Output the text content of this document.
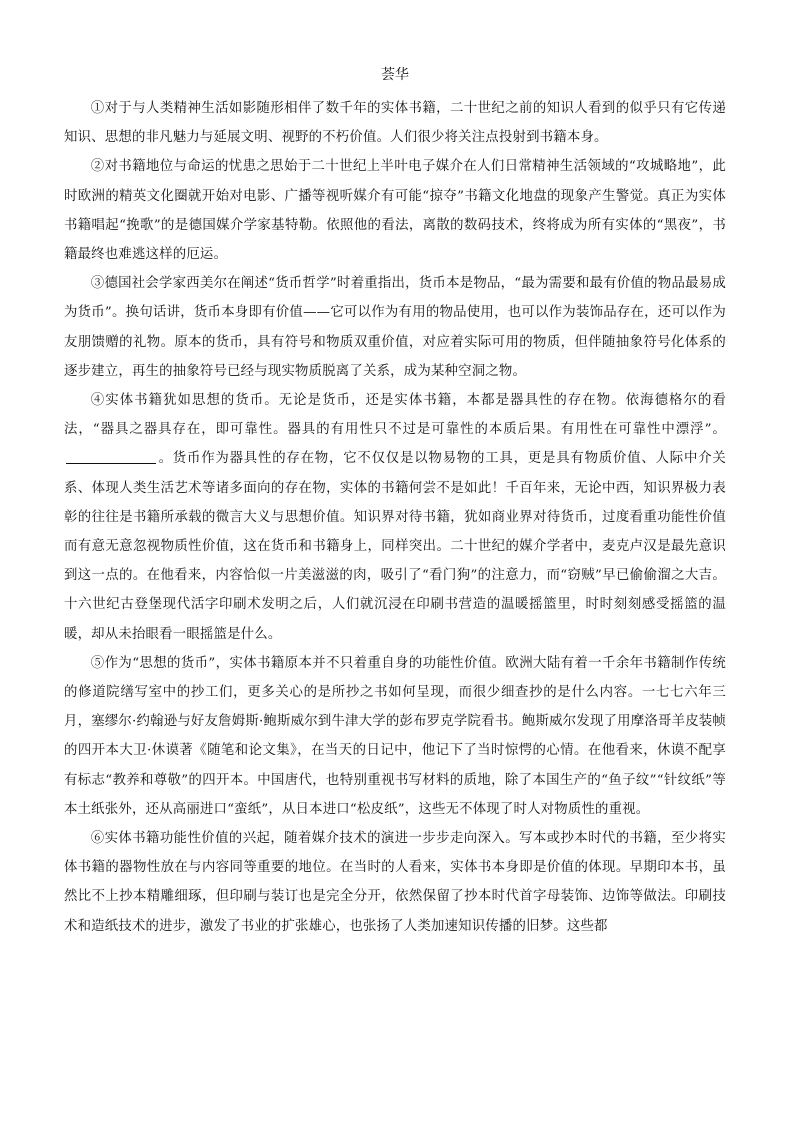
荟华

①对于与人类精神生活如影随形相伴了数千年的实体书籍，二十世纪之前的知识人看到的似乎只有它传递知识、思想的非凡魅力与延展文明、视野的不朽价值。人们很少将关注点投射到书籍本身。

②对书籍地位与命运的忧患之思始于二十世纪上半叶电子媒介在人们日常精神生活领域的“攻城略地”，此时欧洲的精英文化圈就开始对电影、广播等视听媒介有可能“掠夺”书籍文化地盘的现象产生警觉。真正为实体书籍唱起“挽歌”的是德国媒介学家基特勒。依照他的看法，离散的数码技术，终将成为所有实体的“黑夜”，书籍最终也难逃这样的厄运。

③德国社会学家西美尔在阐述“货币哲学”时着重指出，货币本是物品，“最为需要和最有价值的物品最易成为货币”。换句话讲，货币本身即有价值——它可以作为有用的物品使用，也可以作为装饰品存在，还可以作为友朋馈赠的礼物。原本的货币，具有符号和物质双重价值，对应着实际可用的物质，但伴随抽象符号化体系的逐步建立，再生的抽象符号已经与现实物质脱离了关系，成为某种空洞之物。

④实体书籍犹如思想的货币。无论是货币，还是实体书籍，本都是器具性的存在物。依海德格尔的看法，“器具之器具存在，即可靠性。器具的有用性只不过是可靠性的本质后果。有用性在可靠性中漂浮”。。货币作为器具性的存在物，它不仅仅是以物易物的工具，更是具有物质价值、人际中介关系、体现人类生活艺术等诸多面向的存在物，实体的书籍何尝不是如此！千百年来，无论中西，知识界极力表彰的往往是书籍所承载的微言大义与思想价值。知识界对待书籍，犹如商业界对待货币，过度看重功能性价值而有意无意忽视物质性价值，这在货币和书籍身上，同样突出。二十世纪的媒介学者中，麦克卢汉是最先意识到这一点的。在他看来，内容恰似一片美滋滋的肉，吸引了“看门狗”的注意力，而“窃贼”早已偷偷溜之大吉。十六世纪古登堡现代活字印刷术发明之后，人们就沉浸在印刷书营造的温暖摇篮里，时时刻刻感受摇篮的温暖，却从未抬眼看一眼摇篮是什么。

⑤作为“思想的货币”，实体书籍原本并不只着重自身的功能性价值。欧洲大陆有着一千余年书籍制作传统的修道院缮写室中的抄工们，更多关心的是所抄之书如何呈现，而很少细查抄的是什么内容。一七七六年三月，塞缪尔·约翰逊与好友詹姆斯·鲍斯威尔到牛津大学的彭布罗克学院看书。鲍斯威尔发现了用摩洛哥羊皮装帧的四开本大卫·休谟著《随笔和论文集》，在当天的日记中，他记下了当时惊愕的心情。在他看来，休谟不配享有标志“教养和尊敬”的四开本。中国唐代，也特别重视书写材料的质地，除了本国生产的“鱼子纹”“针纹纸”等本土纸张外，还从高丽进口“蛮纸”，从日本进口“松皮纸”，这些无不体现了时人对物质性的重视。

⑥实体书籍功能性价值的兴起，随着媒介技术的演进一步步走向深入。写本或抄本时代的书籍，至少将实体书籍的器物性放在与内容同等重要的地位。在当时的人看来，实体书本身即是价值的体现。早期印本书，虽然比不上抄本精雕细琢，但印刷与装订也是完全分开，依然保留了抄本时代首字母装饰、边饰等做法。印刷技术和造纸技术的进步，激发了书业的扩张雄心，也张扬了人类加速知识传播的旧梦。这些都
